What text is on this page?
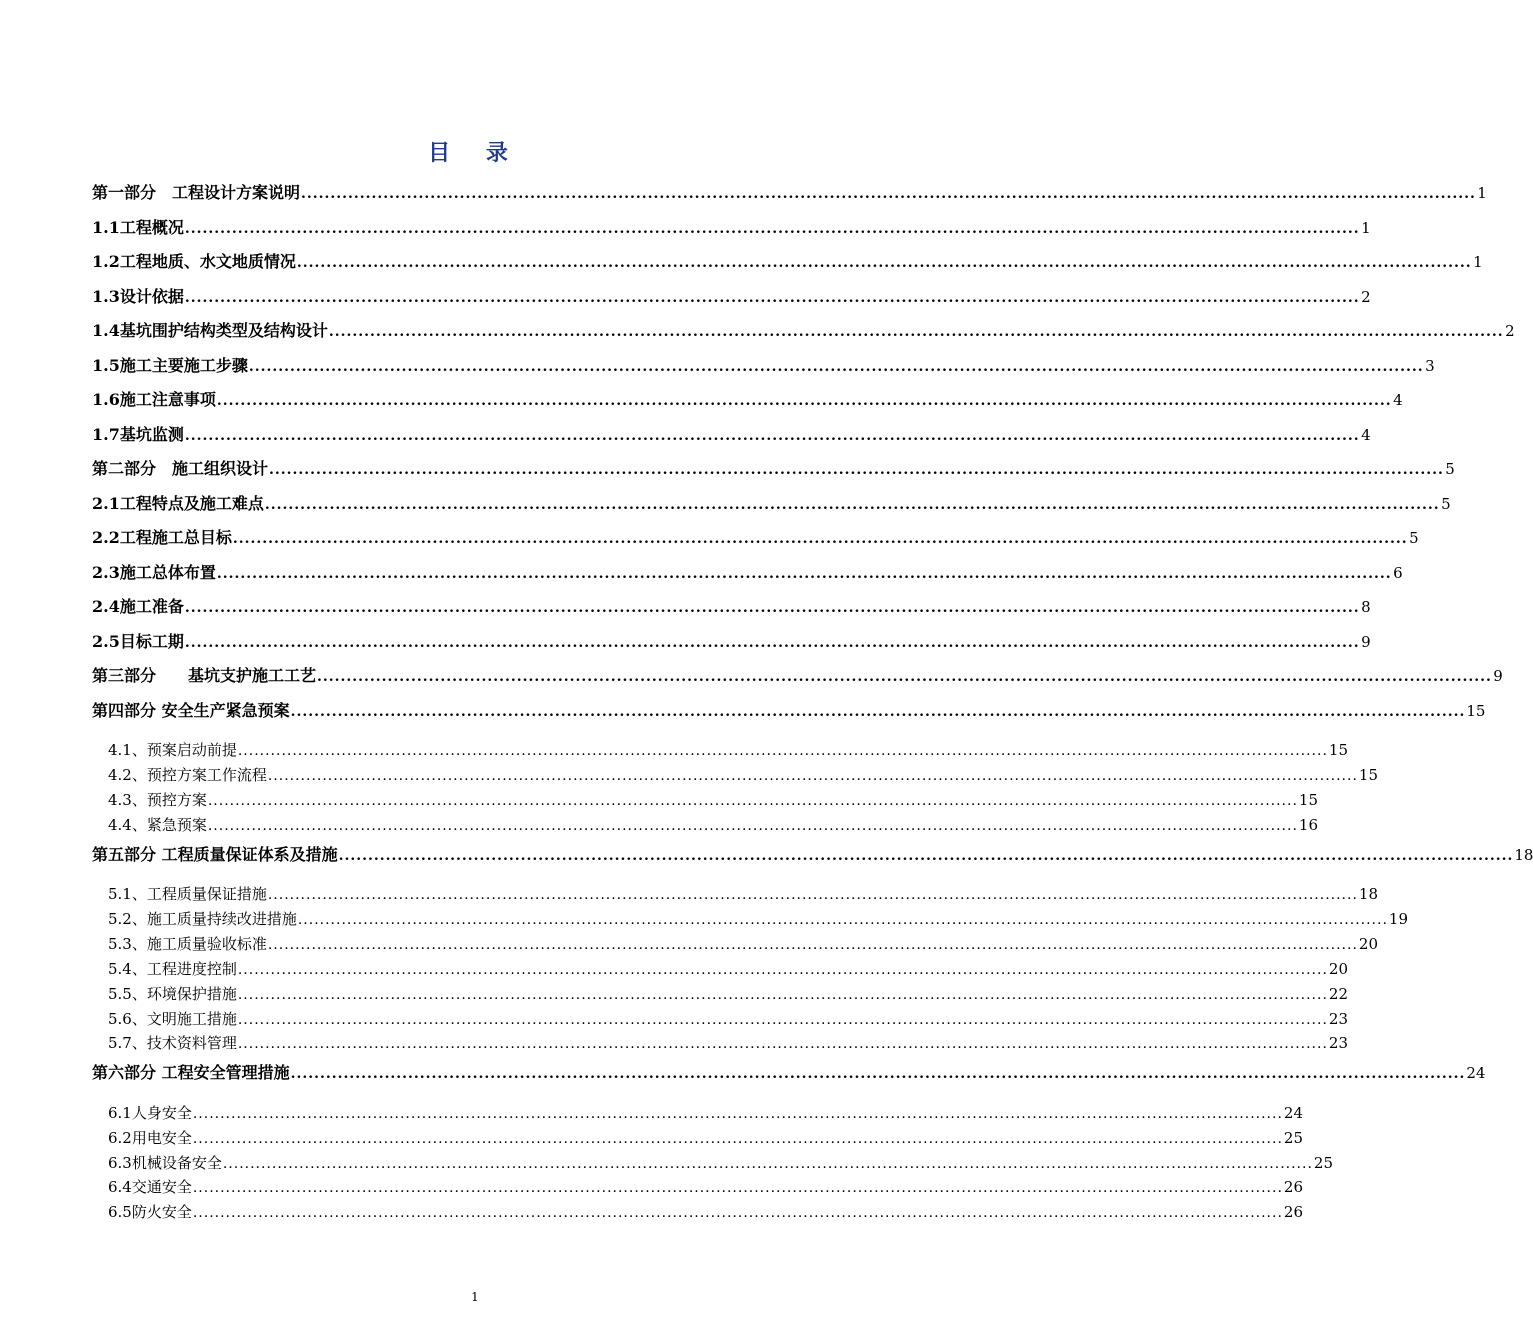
目 录
第一部分　工程设计方案说明 ........................................................................................................................................................................................................ 1
1.1工程概况 ........................................................................................................................................................................................................ 1
1.2工程地质、水文地质情况 ........................................................................................................................................................................................................ 1
1.3设计依据 ........................................................................................................................................................................................................ 2
1.4基坑围护结构类型及结构设计 ........................................................................................................................................................................................................ 2
1.5施工主要施工步骤 ........................................................................................................................................................................................................ 3
1.6施工注意事项 ........................................................................................................................................................................................................ 4
1.7基坑监测 ........................................................................................................................................................................................................ 4
第二部分　施工组织设计 ........................................................................................................................................................................................................ 5
2.1工程特点及施工难点 ........................................................................................................................................................................................................ 5
2.2工程施工总目标 ........................................................................................................................................................................................................ 5
2.3施工总体布置 ........................................................................................................................................................................................................ 6
2.4施工准备 ........................................................................................................................................................................................................ 8
2.5目标工期 ........................................................................................................................................................................................................ 9
第三部分　　基坑支护施工工艺 ........................................................................................................................................................................................................ 9
第四部分 安全生产紧急预案 ........................................................................................................................................................................................................ 15
4.1、预案启动前提 ........................................................................................................................................................................................................ 15
4.2、预控方案工作流程 ........................................................................................................................................................................................................ 15
4.3、预控方案 ........................................................................................................................................................................................................ 15
4.4、紧急预案 ........................................................................................................................................................................................................ 16
第五部分 工程质量保证体系及措施 ........................................................................................................................................................................................................ 18
5.1、工程质量保证措施 ........................................................................................................................................................................................................ 18
5.2、施工质量持续改进措施 ........................................................................................................................................................................................................ 19
5.3、施工质量验收标准 ........................................................................................................................................................................................................ 20
5.4、工程进度控制 ........................................................................................................................................................................................................ 20
5.5、环境保护措施 ........................................................................................................................................................................................................ 22
5.6、文明施工措施 ........................................................................................................................................................................................................ 23
5.7、技术资料管理 ........................................................................................................................................................................................................ 23
第六部分 工程安全管理措施 ........................................................................................................................................................................................................ 24
6.1人身安全 ........................................................................................................................................................................................................ 24
6.2用电安全 ........................................................................................................................................................................................................ 25
6.3机械设备安全 ........................................................................................................................................................................................................ 25
6.4交通安全 ........................................................................................................................................................................................................ 26
6.5防火安全 ........................................................................................................................................................................................................ 26
1
